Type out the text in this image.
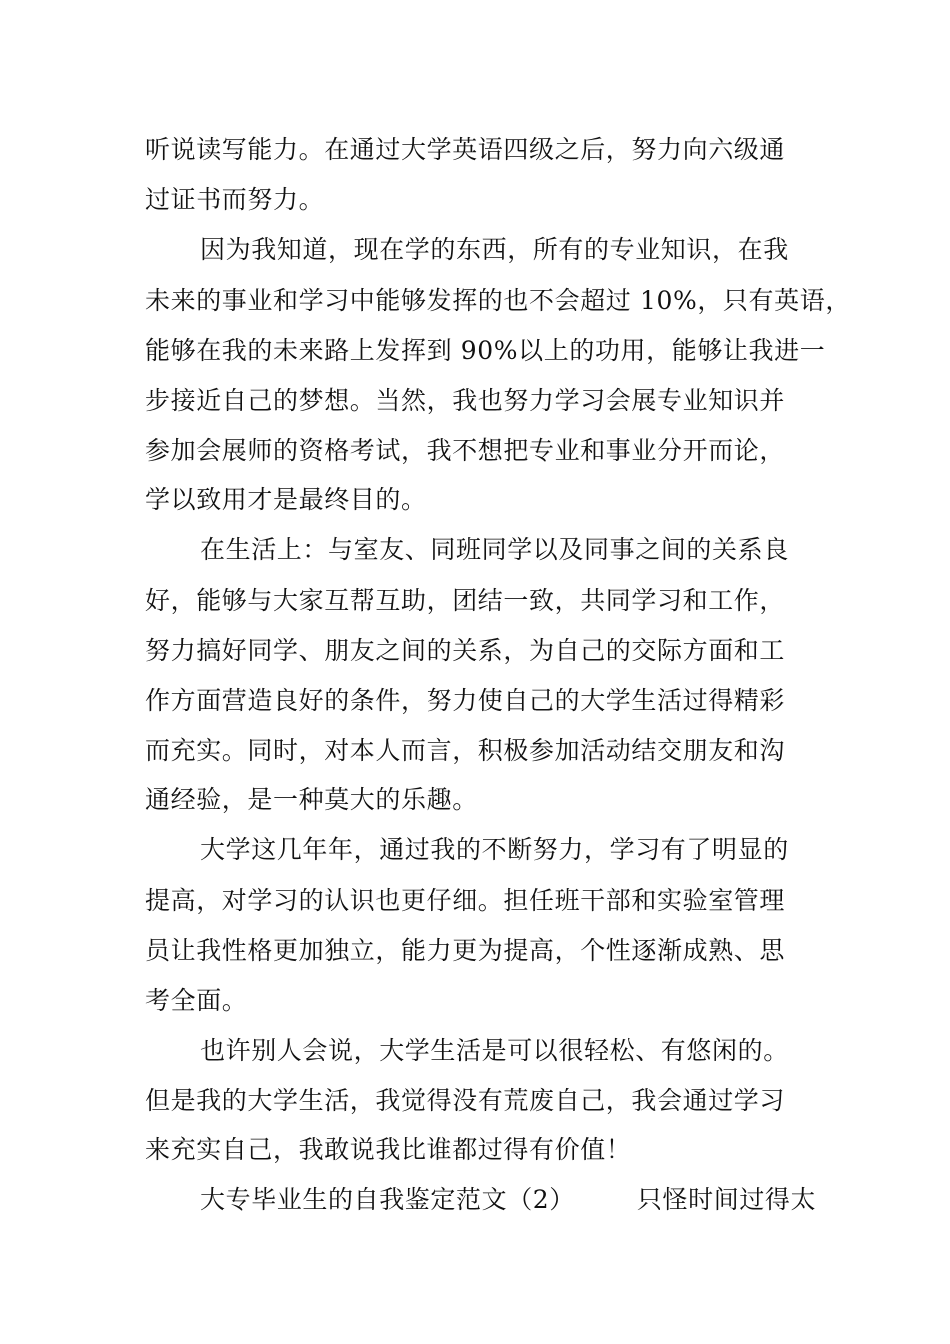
听说读写能力。在通过大学英语四级之后，努力向六级通
过证书而努力。
因为我知道，现在学的东西，所有的专业知识，在我
未来的事业和学习中能够发挥的也不会超过 10%，只有英语，
能够在我的未来路上发挥到 90%以上的功用，能够让我进一
步接近自己的梦想。当然，我也努力学习会展专业知识并
参加会展师的资格考试，我不想把专业和事业分开而论，
学以致用才是最终目的。
在生活上：与室友、同班同学以及同事之间的关系良
好，能够与大家互帮互助，团结一致，共同学习和工作，
努力搞好同学、朋友之间的关系，为自己的交际方面和工
作方面营造良好的条件，努力使自己的大学生活过得精彩
而充实。同时，对本人而言，积极参加活动结交朋友和沟
通经验，是一种莫大的乐趣。
大学这几年年，通过我的不断努力，学习有了明显的
提高，对学习的认识也更仔细。担任班干部和实验室管理
员让我性格更加独立，能力更为提高，个性逐渐成熟、思
考全面。
也许别人会说，大学生活是可以很轻松、有悠闲的。
但是我的大学生活，我觉得没有荒废自己，我会通过学习
来充实自己，我敢说我比谁都过得有价值！
大专毕业生的自我鉴定范文（2） 只怪时间过得太
